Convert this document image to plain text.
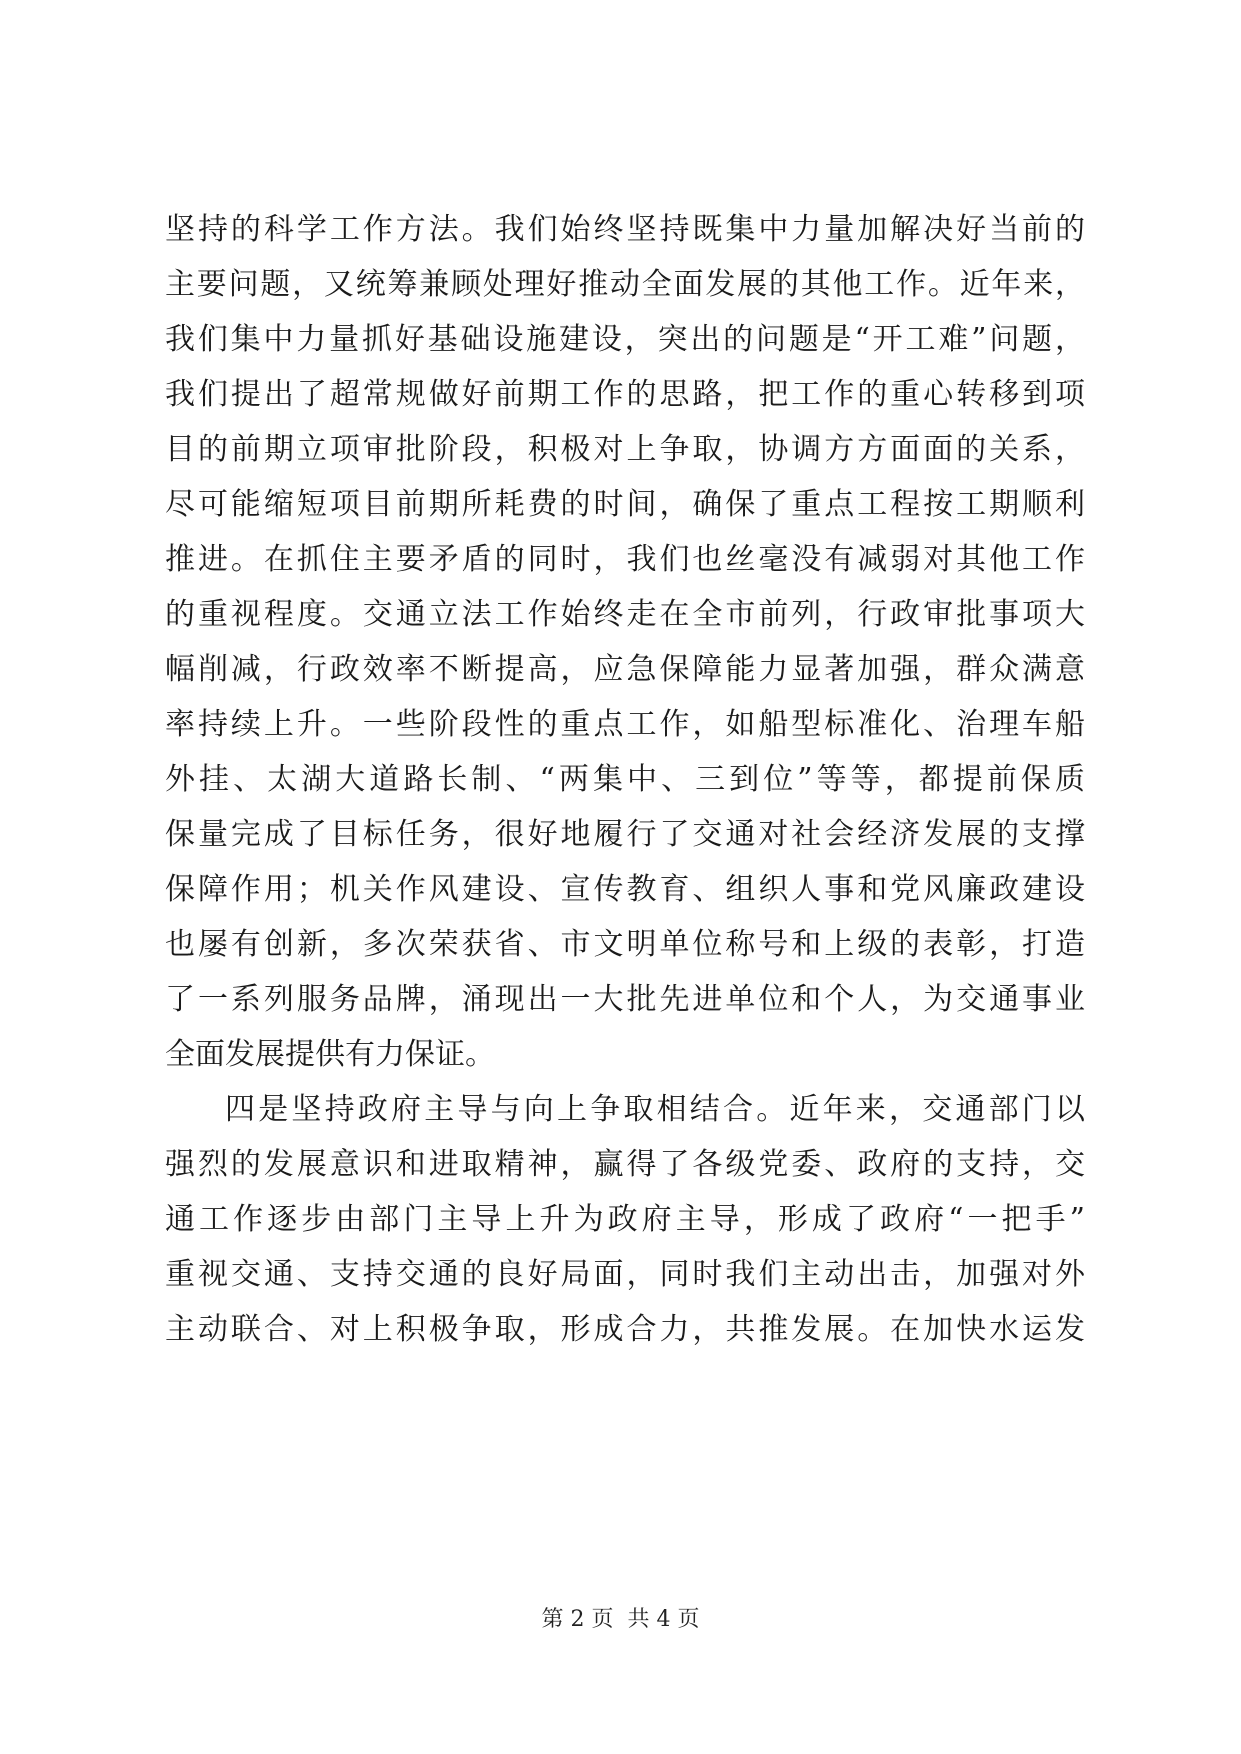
坚持的科学工作方法。我们始终坚持既集中力量加解决好当前的
主要问题，又统筹兼顾处理好推动全面发展的其他工作。近年来，
我们集中力量抓好基础设施建设，突出的问题是“开工难”问题，
我们提出了超常规做好前期工作的思路，把工作的重心转移到项
目的前期立项审批阶段，积极对上争取，协调方方面面的关系，
尽可能缩短项目前期所耗费的时间，确保了重点工程按工期顺利
推进。在抓住主要矛盾的同时，我们也丝毫没有减弱对其他工作
的重视程度。交通立法工作始终走在全市前列，行政审批事项大
幅削减，行政效率不断提高，应急保障能力显著加强，群众满意
率持续上升。一些阶段性的重点工作，如船型标准化、治理车船
外挂、太湖大道路长制、“两集中、三到位”等等，都提前保质
保量完成了目标任务，很好地履行了交通对社会经济发展的支撑
保障作用；机关作风建设、宣传教育、组织人事和党风廉政建设
也屡有创新，多次荣获省、市文明单位称号和上级的表彰，打造
了一系列服务品牌，涌现出一大批先进单位和个人，为交通事业
全面发展提供有力保证。
四是坚持政府主导与向上争取相结合。近年来，交通部门以
强烈的发展意识和进取精神，赢得了各级党委、政府的支持，交
通工作逐步由部门主导上升为政府主导，形成了政府“一把手”
重视交通、支持交通的良好局面，同时我们主动出击，加强对外
主动联合、对上积极争取，形成合力，共推发展。在加快水运发
第 2 页 共 4 页
